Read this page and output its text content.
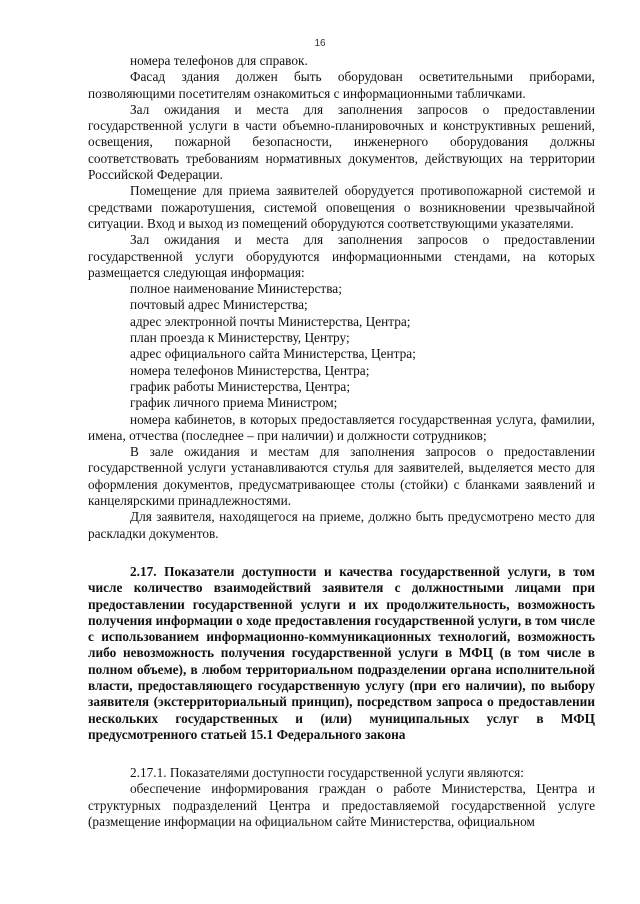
16

номера телефонов для справок.

Фасад здания должен быть оборудован осветительными приборами, позволяющими посетителям ознакомиться с информационными табличками.

Зал ожидания и места для заполнения запросов о предоставлении государственной услуги в части объемно-планировочных и конструктивных решений, освещения, пожарной безопасности, инженерного оборудования должны соответствовать требованиям нормативных документов, действующих на территории Российской Федерации.

Помещение для приема заявителей оборудуется противопожарной системой и средствами пожаротушения, системой оповещения о возникновении чрезвычайной ситуации. Вход и выход из помещений оборудуются соответствующими указателями.

Зал ожидания и места для заполнения запросов о предоставлении государственной услуги оборудуются информационными стендами, на которых размещается следующая информация:

полное наименование Министерства;

почтовый адрес Министерства;

адрес электронной почты Министерства, Центра;

план проезда к Министерству, Центру;

адрес официального сайта Министерства, Центра;

номера телефонов Министерства, Центра;

график работы Министерства, Центра;

график личного приема Министром;

номера кабинетов, в которых предоставляется государственная услуга, фамилии, имена, отчества (последнее – при наличии) и должности сотрудников;

В зале ожидания и местам для заполнения запросов о предоставлении государственной услуги устанавливаются стулья для заявителей, выделяется место для оформления документов, предусматривающее столы (стойки) с бланками заявлений и канцелярскими принадлежностями.

Для заявителя, находящегося на приеме, должно быть предусмотрено место для раскладки документов.

2.17. Показатели доступности и качества государственной услуги, в том числе количество взаимодействий заявителя с должностными лицами при предоставлении государственной услуги и их продолжительность, возможность получения информации о ходе предоставления государственной услуги, в том числе с использованием информационно-коммуникационных технологий, возможность либо невозможность получения государственной услуги в МФЦ (в том числе в полном объеме), в любом территориальном подразделении органа исполнительной власти, предоставляющего государственную услугу (при его наличии), по выбору заявителя (экстерриториальный принцип), посредством запроса о предоставлении нескольких государственных и (или) муниципальных услуг в МФЦ предусмотренного статьей 15.1 Федерального закона

2.17.1. Показателями доступности государственной услуги являются:

обеспечение информирования граждан о работе Министерства, Центра и структурных подразделений Центра и предоставляемой государственной услуге (размещение информации на официальном сайте Министерства, официальном
